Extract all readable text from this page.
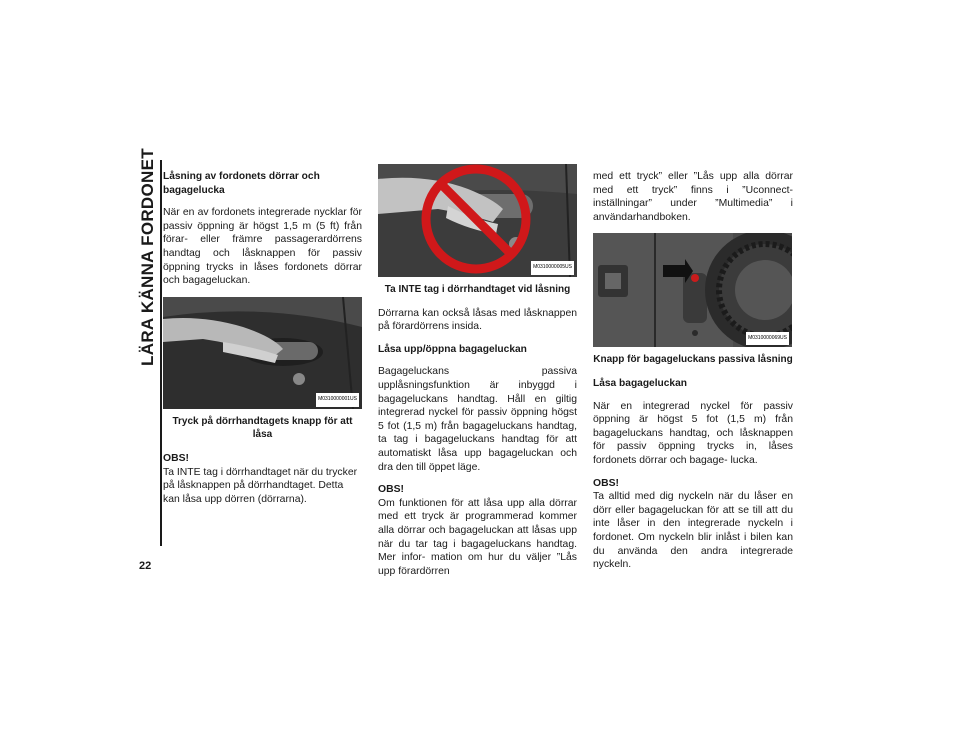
LÄRA KÄNNA FORDONET
22
Låsning av fordonets dörrar och bagagelucka

När en av fordonets integrerade nycklar för passiv öppning är högst 1,5 m (5 ft) från förar- eller främre passagerardörrens handtag och låsknappen för passiv öppning trycks in låses fordonets dörrar och bagageluckan.

M0310000001US
Tryck på dörrhandtagets knapp för att låsa

OBS!
Ta INTE tag i dörrhandtaget när du trycker på låsknappen på dörrhandtaget. Detta kan låsa upp dörren (dörrarna).

M0310000005US
Ta INTE tag i dörrhandtaget vid låsning

Dörrarna kan också låsas med låsknappen på förardörrens insida.

Låsa upp/öppna bagageluckan

Bagageluckans passiva upplåsningsfunktion är inbyggd i bagageluckans handtag. Håll en giltig integrerad nyckel för passiv öppning högst 5 fot (1,5 m) från bagageluckans handtag, ta tag i bagageluckans handtag för att automatiskt låsa upp bagageluckan och dra den till öppet läge.

OBS!
Om funktionen för att låsa upp alla dörrar med ett tryck är programmerad kommer alla dörrar och bagageluckan att låsas upp när du tar tag i bagageluckans handtag. Mer infor- mation om hur du väljer ”Lås upp förardörren

med ett tryck” eller ”Lås upp alla dörrar med ett tryck” finns i ”Uconnect-inställningar” under ”Multimedia” i användarhandboken.

M0310000069US
Knapp för bagageluckans passiva låsning
Låsa bagageluckan

När en integrerad nyckel för passiv öppning är högst 5 fot (1,5 m) från bagageluckans handtag, och låsknappen för passiv öppning trycks in, låses fordonets dörrar och bagage- lucka.

OBS!
Ta alltid med dig nyckeln när du låser en dörr eller bagageluckan för att se till att du inte låser in den integrerade nyckeln i fordonet. Om nyckeln blir inlåst i bilen kan du använda den andra integrerade nyckeln.
